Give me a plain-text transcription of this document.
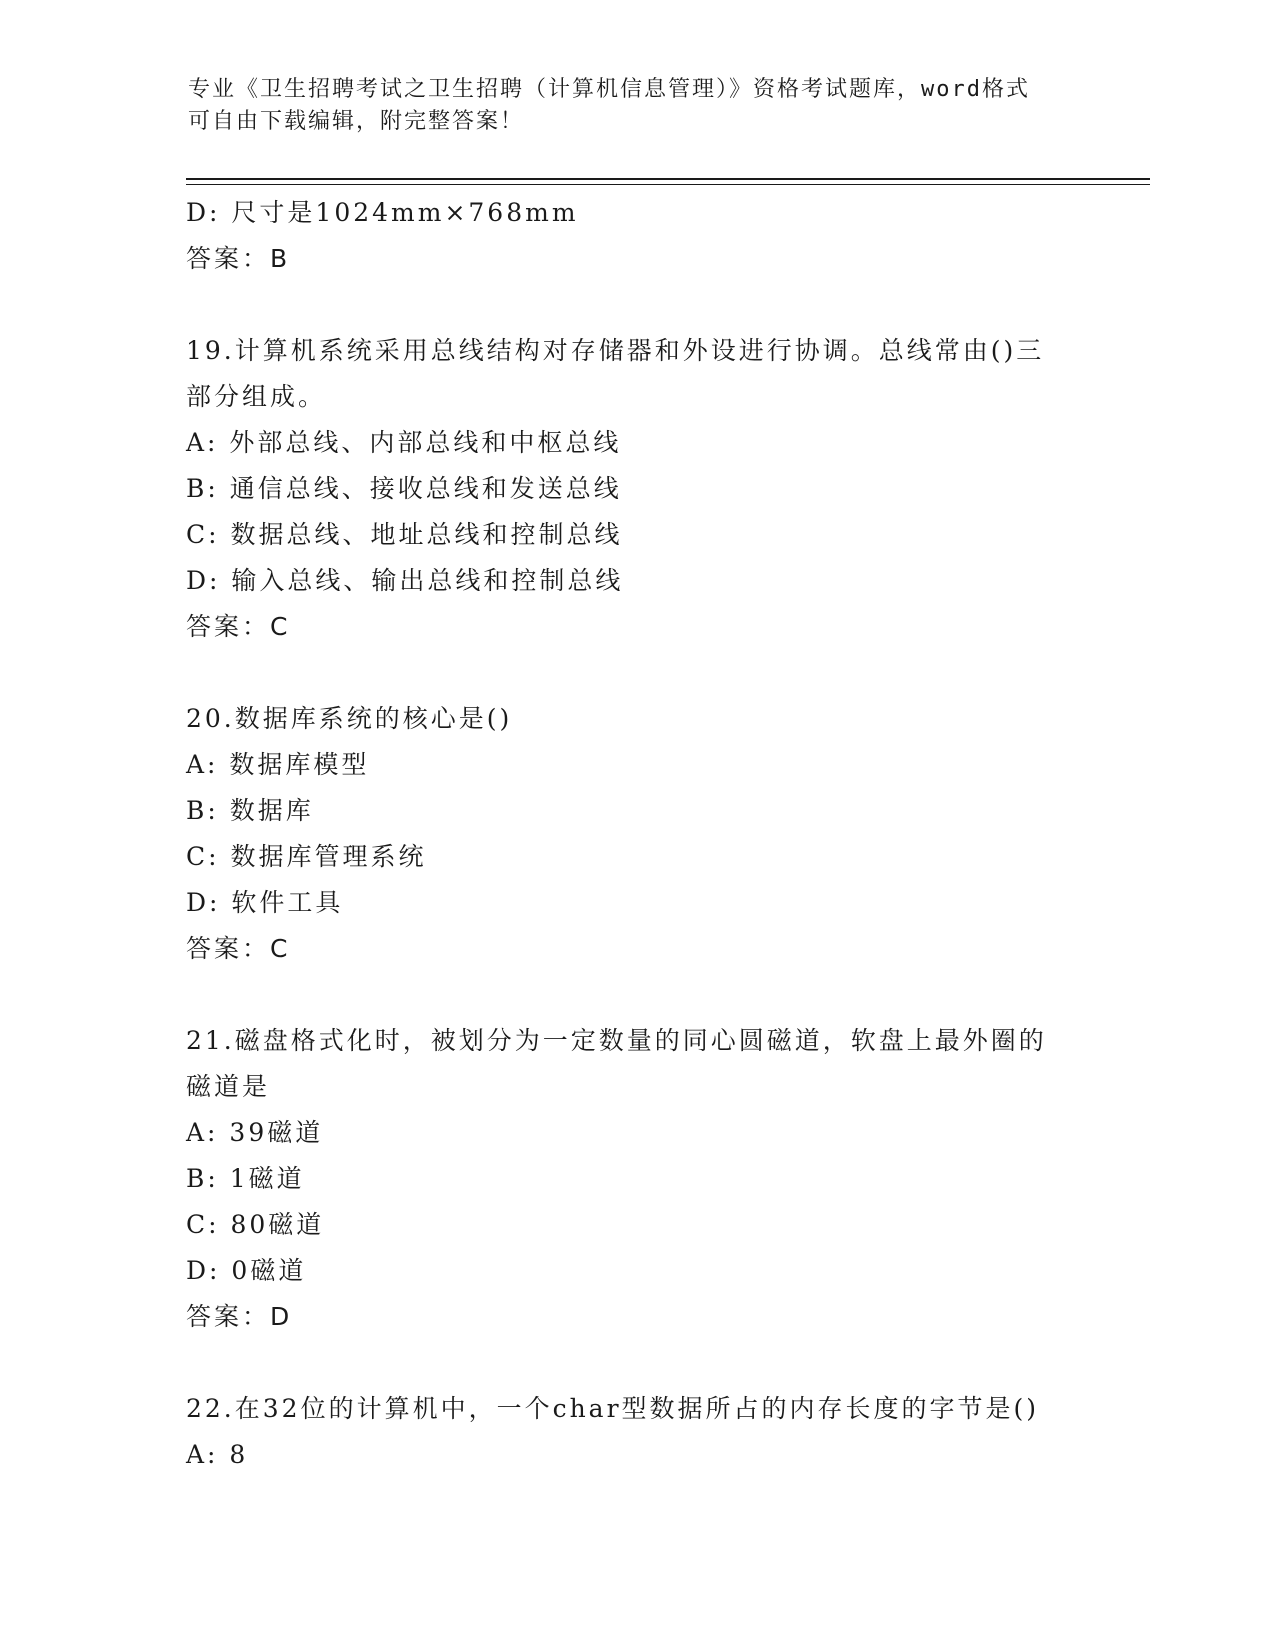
专业《卫生招聘考试之卫生招聘（计算机信息管理）》资格考试题库，word格式
可自由下载编辑，附完整答案！
D: 尺寸是1024mm×768mm
答案：B
19.计算机系统采用总线结构对存储器和外设进行协调。总线常由()三
部分组成。
A: 外部总线、内部总线和中枢总线
B: 通信总线、接收总线和发送总线
C: 数据总线、地址总线和控制总线
D: 输入总线、输出总线和控制总线
答案：C
20.数据库系统的核心是()
A: 数据库模型
B: 数据库
C: 数据库管理系统
D: 软件工具
答案：C
21.磁盘格式化时，被划分为一定数量的同心圆磁道，软盘上最外圈的
磁道是
A: 39磁道
B: 1磁道
C: 80磁道
D: 0磁道
答案：D
22.在32位的计算机中，一个char型数据所占的内存长度的字节是()
A: 8
